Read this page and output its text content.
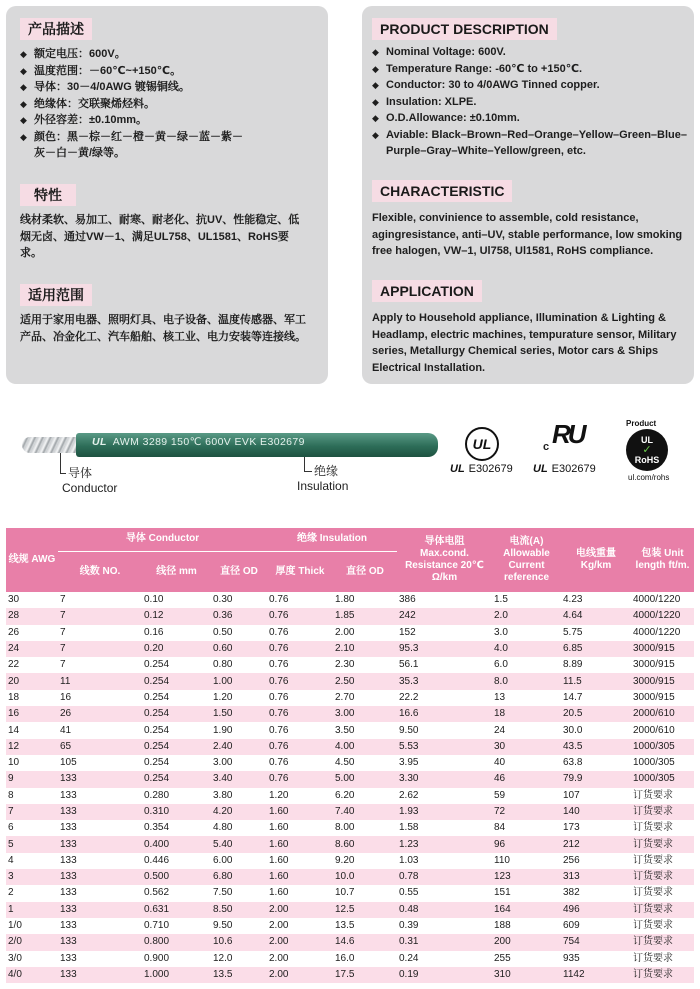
产品描述
◆ 额定电压：600V。
◆ 温度范围：－60℃~+150℃。
◆ 导体：30－4/0AWG 镀锡铜线。
◆ 绝缘体：交联聚烯烃料。
◆ 外径容差：±0.10mm。
◆ 颜色：黑－棕－红－橙－黄－绿－蓝－紫－灰－白－黄/绿等。
特性
线材柔软、易加工、耐寒、耐老化、抗UV、性能稳定、低烟无卤、通过VW－1、满足UL758、UL1581、RoHS要求。
适用范围
适用于家用电器、照明灯具、电子设备、温度传感器、军工产品、冶金化工、汽车船舶、核工业、电力安装等连接线。
PRODUCT DESCRIPTION
◆ Nominal Voltage: 600V.
◆ Temperature Range: -60℃ to +150℃.
◆ Conductor: 30 to 4/0AWG Tinned copper.
◆ Insulation: XLPE.
◆ O.D.Allowance: ±0.10mm.
◆ Aviable: Black–Brown–Red–Orange–Yellow–Green–Blue–Purple–Gray–White–Yellow/green, etc.
CHARACTERISTIC
Flexible, convinience to assemble, cold resistance, agingresistance, anti–UV, stable performance, low smoking free halogen, VW–1, Ul758, Ul1581, RoHS compliance.
APPLICATION
Apply to Household appliance, Illumination & Lighting & Headlamp, electric machines, tempurature sensor, Military series, Metallurgy Chemical series, Motor cars & Ships Electrical Installation.
UL AWM 3289 150℃ 600V EVK E302679
导体
Conductor
绝缘
Insulation
UL
UL E302679
c RU
UL E302679
Product
UL
✓
RoHS
ul.com/rohs
线规 AWG	导体 Conductor			绝缘 Insulation		导体电阻 Max.cond. Resistance 20℃ Ω/km	电流(A) Allowable Current reference	电线重量 Kg/km	包装 Unit length ft/m.
	线数 NO.	线径 mm	直径 OD	厚度 Thick	直径 OD				
30	7	0.10	0.30	0.76	1.80	386	1.5	4.23	4000/1220
28	7	0.12	0.36	0.76	1.85	242	2.0	4.64	4000/1220
26	7	0.16	0.50	0.76	2.00	152	3.0	5.75	4000/1220
24	7	0.20	0.60	0.76	2.10	95.3	4.0	6.85	3000/915
22	7	0.254	0.80	0.76	2.30	56.1	6.0	8.89	3000/915
20	11	0.254	1.00	0.76	2.50	35.3	8.0	11.5	3000/915
18	16	0.254	1.20	0.76	2.70	22.2	13	14.7	3000/915
16	26	0.254	1.50	0.76	3.00	16.6	18	20.5	2000/610
14	41	0.254	1.90	0.76	3.50	9.50	24	30.0	2000/610
12	65	0.254	2.40	0.76	4.00	5.53	30	43.5	1000/305
10	105	0.254	3.00	0.76	4.50	3.95	40	63.8	1000/305
9	133	0.254	3.40	0.76	5.00	3.30	46	79.9	1000/305
8	133	0.280	3.80	1.20	6.20	2.62	59	107	订货要求
7	133	0.310	4.20	1.60	7.40	1.93	72	140	订货要求
6	133	0.354	4.80	1.60	8.00	1.58	84	173	订货要求
5	133	0.400	5.40	1.60	8.60	1.23	96	212	订货要求
4	133	0.446	6.00	1.60	9.20	1.03	110	256	订货要求
3	133	0.500	6.80	1.60	10.0	0.78	123	313	订货要求
2	133	0.562	7.50	1.60	10.7	0.55	151	382	订货要求
1	133	0.631	8.50	2.00	12.5	0.48	164	496	订货要求
1/0	133	0.710	9.50	2.00	13.5	0.39	188	609	订货要求
2/0	133	0.800	10.6	2.00	14.6	0.31	200	754	订货要求
3/0	133	0.900	12.0	2.00	16.0	0.24	255	935	订货要求
4/0	133	1.000	13.5	2.00	17.5	0.19	310	1142	订货要求
